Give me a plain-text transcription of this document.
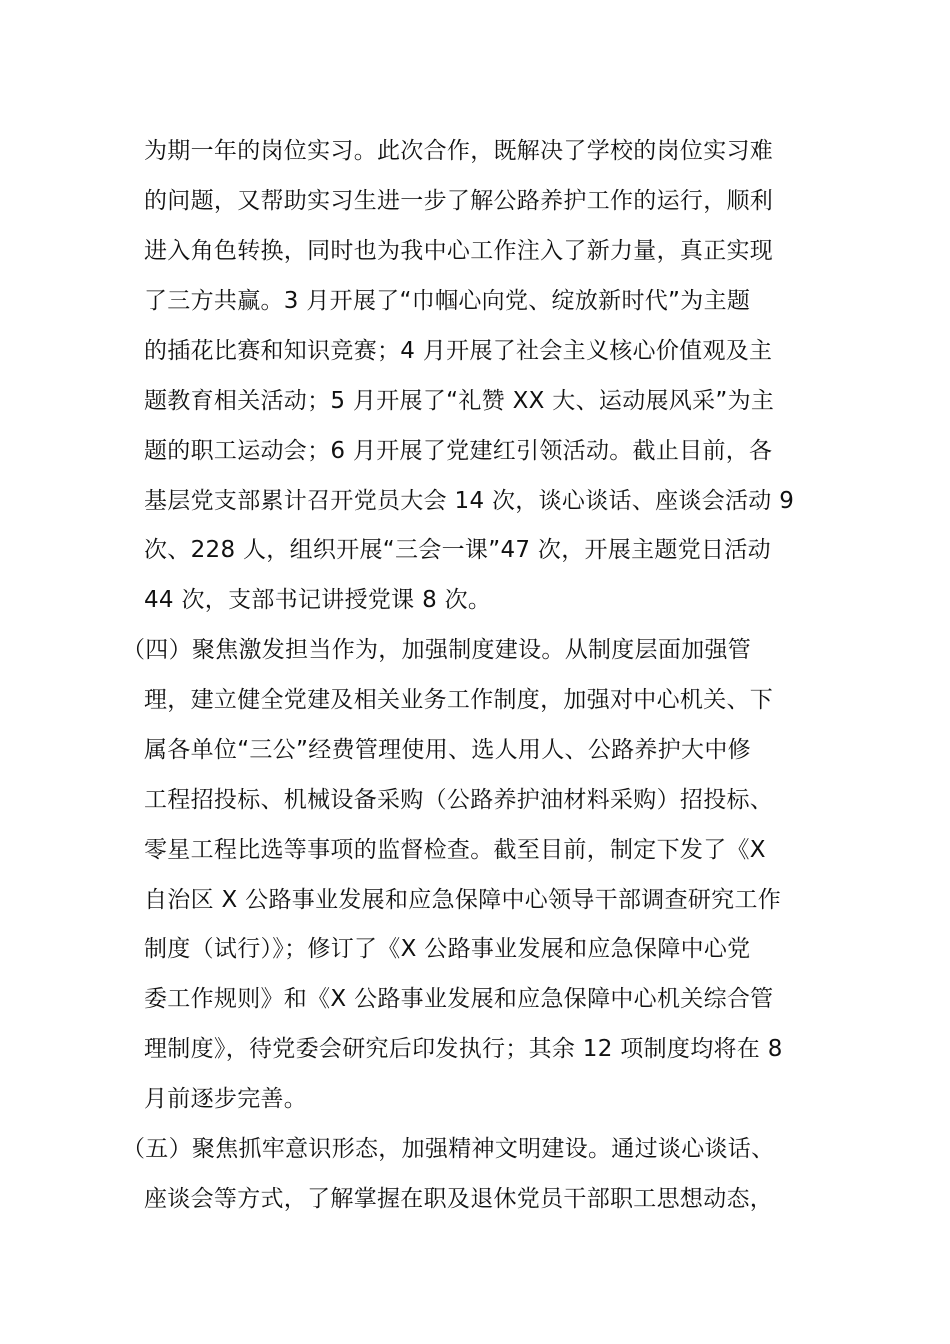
为期一年的岗位实习。此次合作，既解决了学校的岗位实习难
的问题，又帮助实习生进一步了解公路养护工作的运行，顺利
进入角色转换，同时也为我中心工作注入了新力量，真正实现
了三方共赢。3 月开展了“巾帼心向党、绽放新时代”为主题
的插花比赛和知识竞赛；4 月开展了社会主义核心价值观及主
题教育相关活动；5 月开展了“礼赞 XX 大、运动展风采”为主
题的职工运动会；6 月开展了党建红引领活动。截止目前，各
基层党支部累计召开党员大会 14 次，谈心谈话、座谈会活动 9
次、228 人，组织开展“三会一课”47 次，开展主题党日活动
44 次，支部书记讲授党课 8 次。
（四）聚焦激发担当作为，加强制度建设。从制度层面加强管
理，建立健全党建及相关业务工作制度，加强对中心机关、下
属各单位“三公”经费管理使用、选人用人、公路养护大中修
工程招投标、机械设备采购（公路养护油材料采购）招投标、
零星工程比选等事项的监督检查。截至目前，制定下发了《X
自治区 X 公路事业发展和应急保障中心领导干部调查研究工作
制度（试行）》；修订了《X 公路事业发展和应急保障中心党
委工作规则》和《X 公路事业发展和应急保障中心机关综合管
理制度》，待党委会研究后印发执行；其余 12 项制度均将在 8
月前逐步完善。
（五）聚焦抓牢意识形态，加强精神文明建设。通过谈心谈话、
座谈会等方式，了解掌握在职及退休党员干部职工思想动态，
